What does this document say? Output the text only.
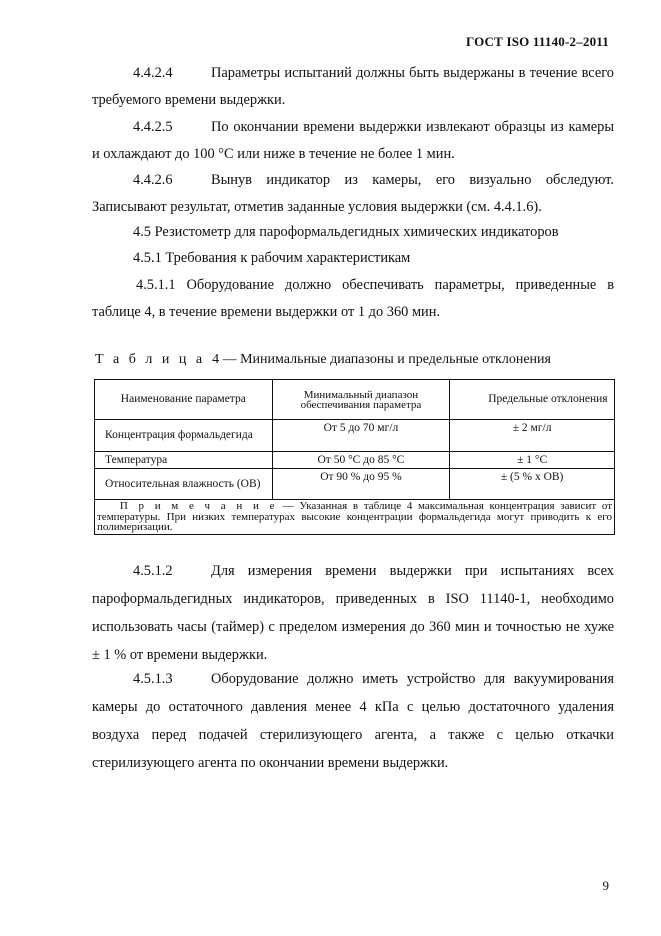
ГОСТ ISO 11140-2–2011
4.4.2.4	Параметры испытаний должны быть выдержаны в течение всего требуемого времени выдержки.
4.4.2.5	По окончании времени выдержки извлекают образцы из камеры и охлаждают до 100 °С или ниже в течение не более 1 мин.
4.4.2.6	Вынув индикатор из камеры, его визуально обследуют. Записывают результат, отметив заданные условия выдержки (см. 4.4.1.6).
4.5 Резистометр для пароформальдегидных химических индикаторов
4.5.1 Требования к рабочим характеристикам
4.5.1.1 Оборудование должно обеспечивать параметры, приведенные в таблице 4, в течение времени выдержки от 1 до 360 мин.
Т а б л и ц а 4 — Минимальные диапазоны и предельные отклонения
Наименование параметра	Минимальный диапазон обеспечивания параметра	Предельные отклонения
Концентрация формальдегида	От 5 до 70 мг/л	± 2 мг/л
Температура	От 50 °С до 85 °С	± 1 °С
Относительная влажность (ОВ)	От 90 % до 95 %	± (5 % х ОВ)
П р и м е ч а н и е — Указанная в таблице 4 максимальная концентрация зависит от температуры. При низких температурах высокие концентрации формальдегида могут приводить к его полимеризации.		
4.5.1.2	Для измерения времени выдержки при испытаниях всех пароформальдегидных индикаторов, приведенных в ISO 11140-1, необходимо использовать часы (таймер) с пределом измерения до 360 мин и точностью не хуже ± 1 % от времени выдержки.
4.5.1.3	Оборудование должно иметь устройство для вакуумирования камеры до остаточного давления менее 4 кПа с целью достаточного удаления воздуха перед подачей стерилизующего агента, а также с целью откачки стерилизующего агента по окончании времени выдержки.
9
